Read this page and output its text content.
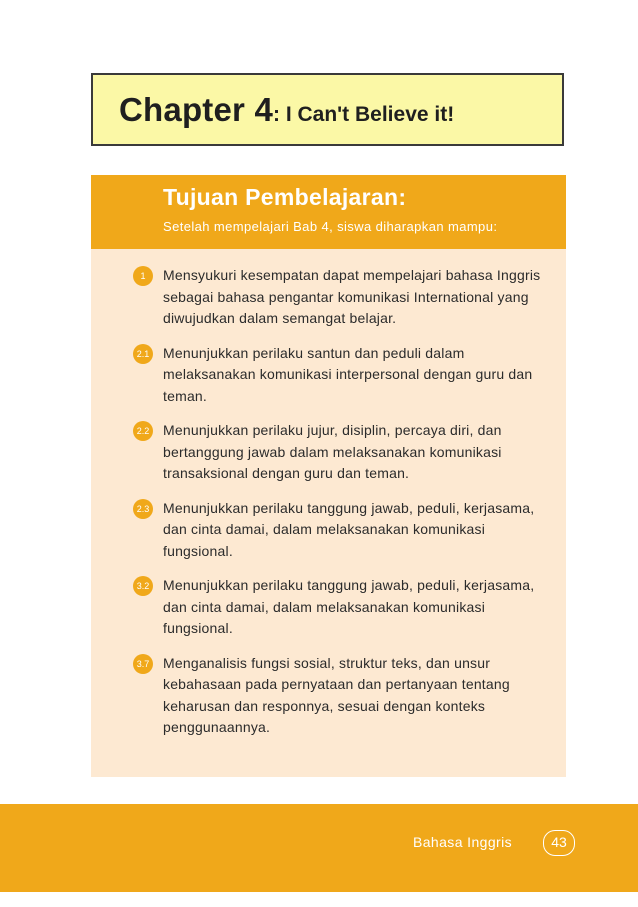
Chapter 4: I Can't Believe it!
Tujuan Pembelajaran:
Setelah mempelajari Bab 4, siswa diharapkan mampu:
1	Mensyukuri kesempatan dapat mempelajari bahasa Inggris sebagai bahasa pengantar komunikasi International yang diwujudkan dalam semangat belajar.
2.1 Menunjukkan perilaku santun dan peduli dalam melaksanakan komunikasi interpersonal dengan guru dan teman.
2.2 Menunjukkan perilaku jujur, disiplin, percaya diri, dan bertanggung jawab dalam melaksanakan komunikasi transaksional dengan guru dan teman.
2.3 Menunjukkan perilaku tanggung jawab, peduli, kerjasama, dan cinta damai, dalam melaksanakan komunikasi fungsional.
3.2 Menunjukkan perilaku tanggung jawab, peduli, kerjasama, dan cinta damai, dalam melaksanakan komunikasi fungsional.
3.7 Menganalisis fungsi sosial, struktur teks, dan unsur kebahasaan pada pernyataan dan pertanyaan tentang keharusan dan responnya, sesuai dengan konteks penggunaannya.
Bahasa Inggris	43
